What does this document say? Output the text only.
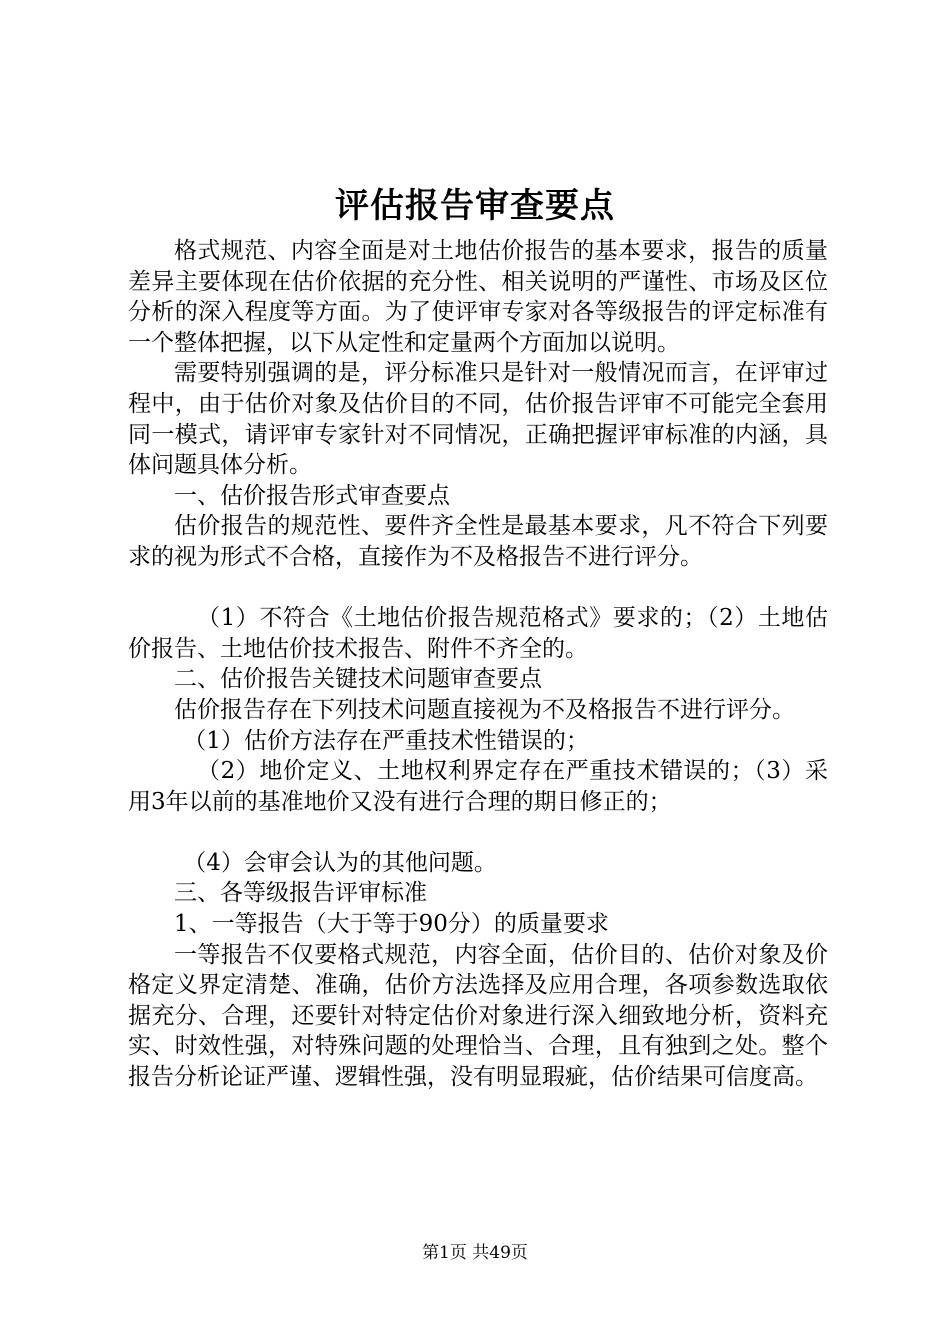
评估报告审查要点

格式规范、内容全面是对土地估价报告的基本要求，报告的质量差异主要体现在估价依据的充分性、相关说明的严谨性、市场及区位分析的深入程度等方面。为了使评审专家对各等级报告的评定标准有一个整体把握，以下从定性和定量两个方面加以说明。

需要特别强调的是，评分标准只是针对一般情况而言，在评审过程中，由于估价对象及估价目的不同，估价报告评审不可能完全套用同一模式，请评审专家针对不同情况，正确把握评审标准的内涵，具体问题具体分析。

一、估价报告形式审查要点

估价报告的规范性、要件齐全性是最基本要求，凡不符合下列要求的视为形式不合格，直接作为不及格报告不进行评分。

（1）不符合《土地估价报告规范格式》要求的；（2）土地估价报告、土地估价技术报告、附件不齐全的。

二、估价报告关键技术问题审查要点

估价报告存在下列技术问题直接视为不及格报告不进行评分。

（1）估价方法存在严重技术性错误的；

（2）地价定义、土地权利界定存在严重技术错误的；（3）采用3年以前的基准地价又没有进行合理的期日修正的；

（4）会审会认为的其他问题。

三、各等级报告评审标准

1、一等报告（大于等于90分）的质量要求

一等报告不仅要格式规范，内容全面，估价目的、估价对象及价格定义界定清楚、准确，估价方法选择及应用合理，各项参数选取依据充分、合理，还要针对特定估价对象进行深入细致地分析，资料充实、时效性强，对特殊问题的处理恰当、合理，且有独到之处。整个报告分析论证严谨、逻辑性强，没有明显瑕疵，估价结果可信度高。

第1页 共49页
